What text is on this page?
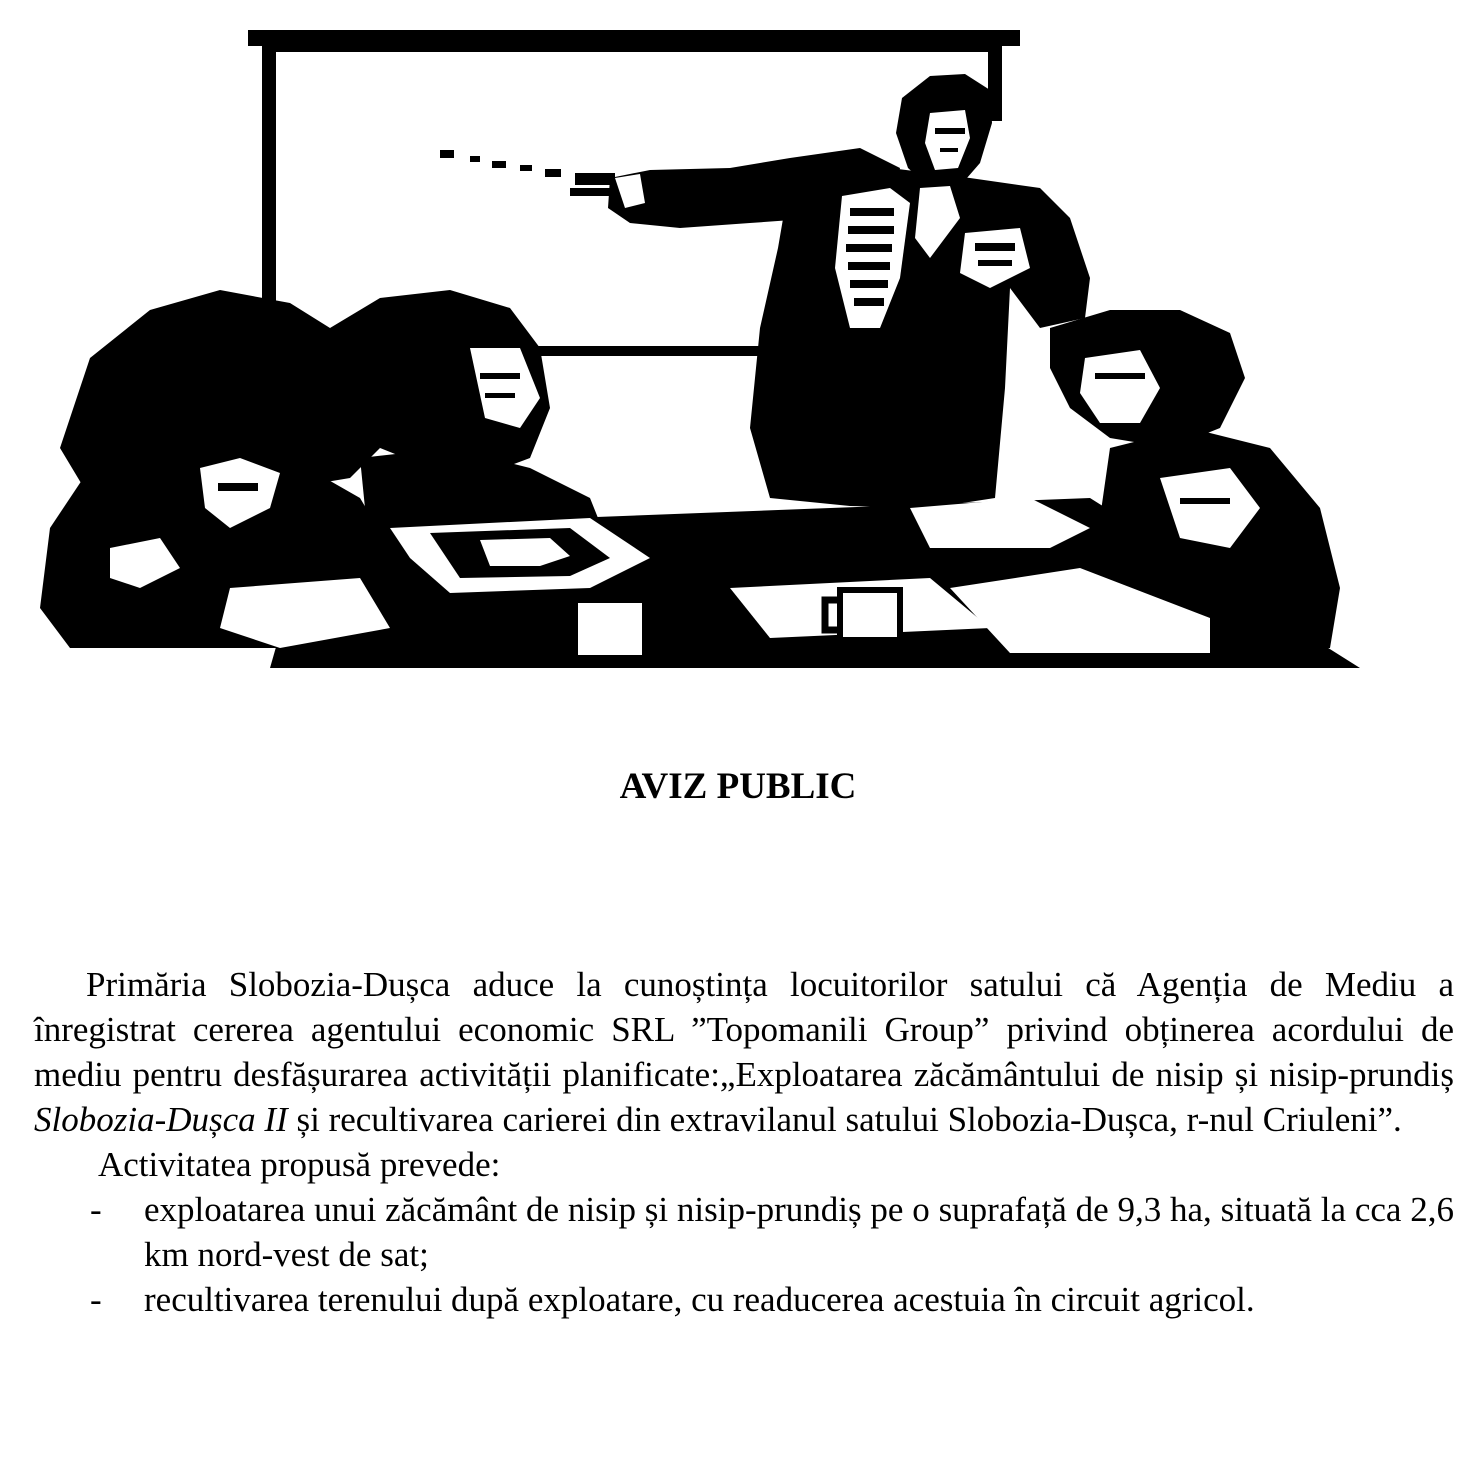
AVIZ PUBLIC

Primăria Slobozia-Dușca aduce la cunoștința locuitorilor satului că Agenția de Mediu a înregistrat cererea agentului economic SRL ”Topomanili Group” privind obținerea acordului de mediu pentru desfășurarea activității planificate:„Exploatarea zăcământului de nisip și nisip-prundiș Slobozia-Dușca II și recultivarea carierei din extravilanul satului Slobozia-Dușca, r-nul Criuleni”.

Activitatea propusă prevede:

- exploatarea unui zăcământ de nisip și nisip-prundiș pe o suprafață de 9,3 ha, situată la cca 2,6 km nord-vest de sat;
- recultivarea terenului după exploatare, cu readucerea acestuia în circuit agricol.
